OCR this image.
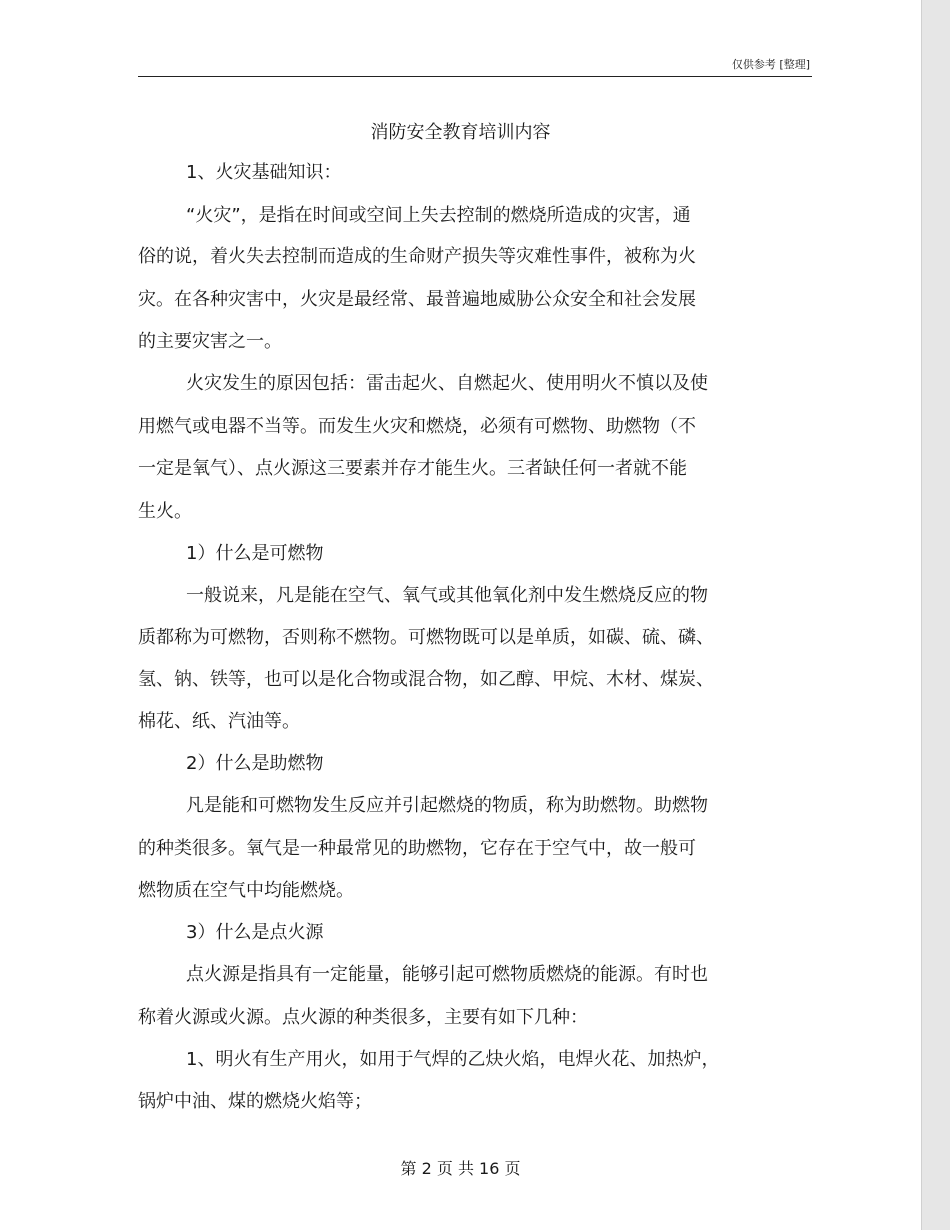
仅供参考 [整理]
消防安全教育培训内容
1、火灾基础知识：
“火灾”，是指在时间或空间上失去控制的燃烧所造成的灾害，通
俗的说，着火失去控制而造成的生命财产损失等灾难性事件，被称为火
灾。在各种灾害中，火灾是最经常、最普遍地威胁公众安全和社会发展
的主要灾害之一。
火灾发生的原因包括：雷击起火、自燃起火、使用明火不慎以及使
用燃气或电器不当等。而发生火灾和燃烧，必须有可燃物、助燃物（不
一定是氧气）、点火源这三要素并存才能生火。三者缺任何一者就不能
生火。
1）什么是可燃物
一般说来，凡是能在空气、氧气或其他氧化剂中发生燃烧反应的物
质都称为可燃物，否则称不燃物。可燃物既可以是单质，如碳、硫、磷、
氢、钠、铁等，也可以是化合物或混合物，如乙醇、甲烷、木材、煤炭、
棉花、纸、汽油等。
2）什么是助燃物
凡是能和可燃物发生反应并引起燃烧的物质，称为助燃物。助燃物
的种类很多。氧气是一种最常见的助燃物，它存在于空气中，故一般可
燃物质在空气中均能燃烧。
3）什么是点火源
点火源是指具有一定能量，能够引起可燃物质燃烧的能源。有时也
称着火源或火源。点火源的种类很多，主要有如下几种：
1、明火有生产用火，如用于气焊的乙炔火焰，电焊火花、加热炉，
锅炉中油、煤的燃烧火焰等；
第 2 页 共 16 页
